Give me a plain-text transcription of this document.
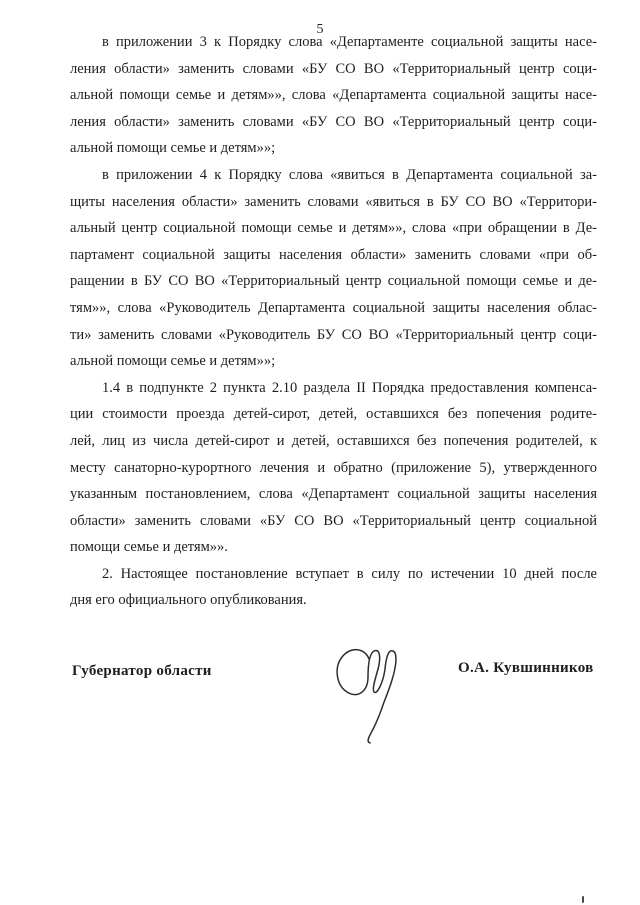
5
в приложении 3 к Порядку слова «Департаменте социальной защиты насе-
ления области» заменить словами «БУ СО ВО «Территориальный центр соци-
альной помощи семье и детям»», слова «Департамента социальной защиты насе-
ления области» заменить словами «БУ СО ВО «Территориальный центр соци-
альной помощи семье и детям»»;
в приложении 4 к Порядку слова «явиться в Департамента социальной за-
щиты населения области» заменить словами «явиться в БУ СО ВО «Территори-
альный центр социальной помощи семье и детям»», слова «при обращении в Де-
партамент социальной защиты населения области» заменить словами «при об-
ращении в БУ СО ВО «Территориальный центр социальной помощи семье и де-
тям»», слова «Руководитель Департамента социальной защиты населения облас-
ти» заменить словами «Руководитель БУ СО ВО «Территориальный центр соци-
альной помощи семье и детям»»;
1.4 в подпункте 2 пункта 2.10 раздела II Порядка предоставления компенса-
ции стоимости проезда детей-сирот, детей, оставшихся без попечения родите-
лей, лиц из числа детей-сирот и детей, оставшихся без попечения родителей, к
месту санаторно-курортного лечения и обратно (приложение 5), утвержденного
указанным постановлением, слова «Департамент социальной защиты населения
области» заменить словами «БУ СО ВО «Территориальный центр социальной
помощи семье и детям»».
2. Настоящее постановление вступает в силу по истечении 10 дней после
дня его официального опубликования.
Губернатор области	О.А. Кувшинников
